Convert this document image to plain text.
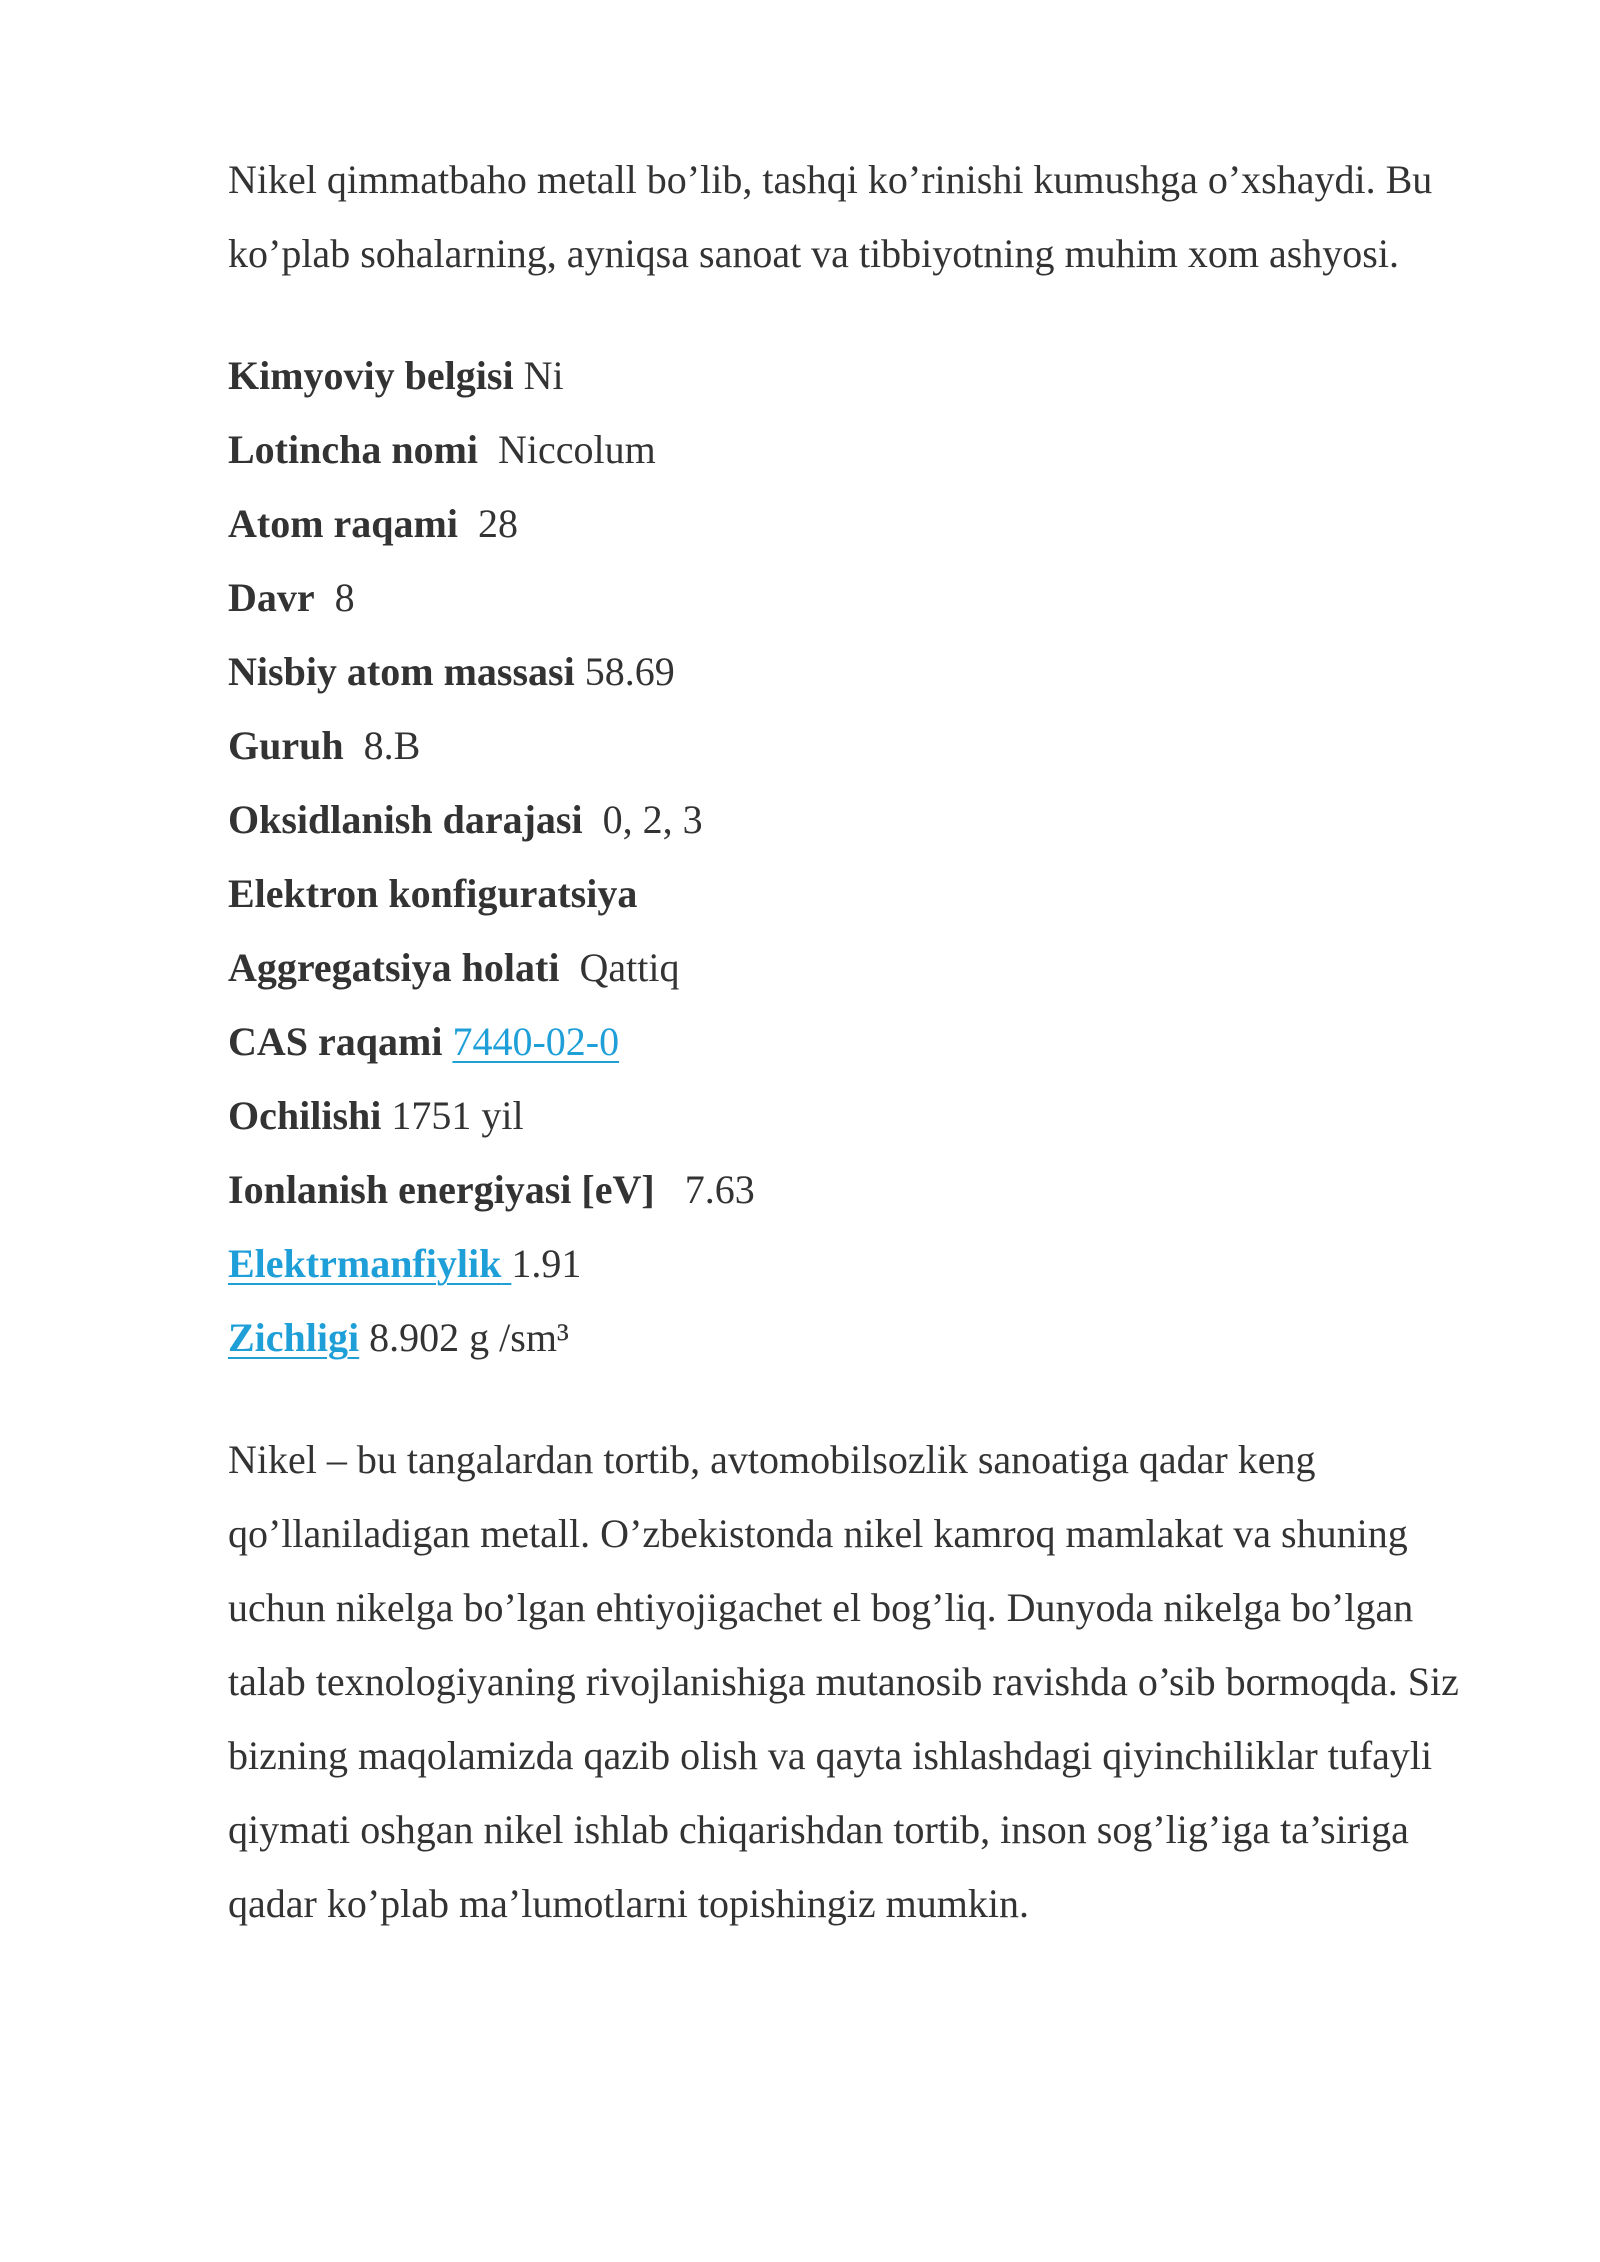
Nikel qimmatbaho metall bo’lib, tashqi ko’rinishi kumushga o’xshaydi. Bu ko’plab sohalarning, ayniqsa sanoat va tibbiyotning muhim xom ashyosi.

Kimyoviy belgisi Ni
Lotincha nomi Niccolum
Atom raqami 28
Davr 8
Nisbiy atom massasi 58.69
Guruh 8.B
Oksidlanish darajasi 0, 2, 3
Elektron konfiguratsiya
Aggregatsiya holati Qattiq
CAS raqami 7440-02-0
Ochilishi 1751 yil
Ionlanish energiyasi [eV] 7.63
Elektrmanfiylik 1.91
Zichligi 8.902 g /sm³

Nikel – bu tangalardan tortib, avtomobilsozlik sanoatiga qadar keng qo’llaniladigan metall. O’zbekistonda nikel kamroq mamlakat va shuning uchun nikelga bo’lgan ehtiyojigachet el bog’liq. Dunyoda nikelga bo’lgan talab texnologiyaning rivojlanishiga mutanosib ravishda o’sib bormoqda. Siz bizning maqolamizda qazib olish va qayta ishlashdagi qiyinchiliklar tufayli qiymati oshgan nikel ishlab chiqarishdan tortib, inson sog’lig’iga ta’siriga qadar ko’plab ma’lumotlarni topishingiz mumkin.
